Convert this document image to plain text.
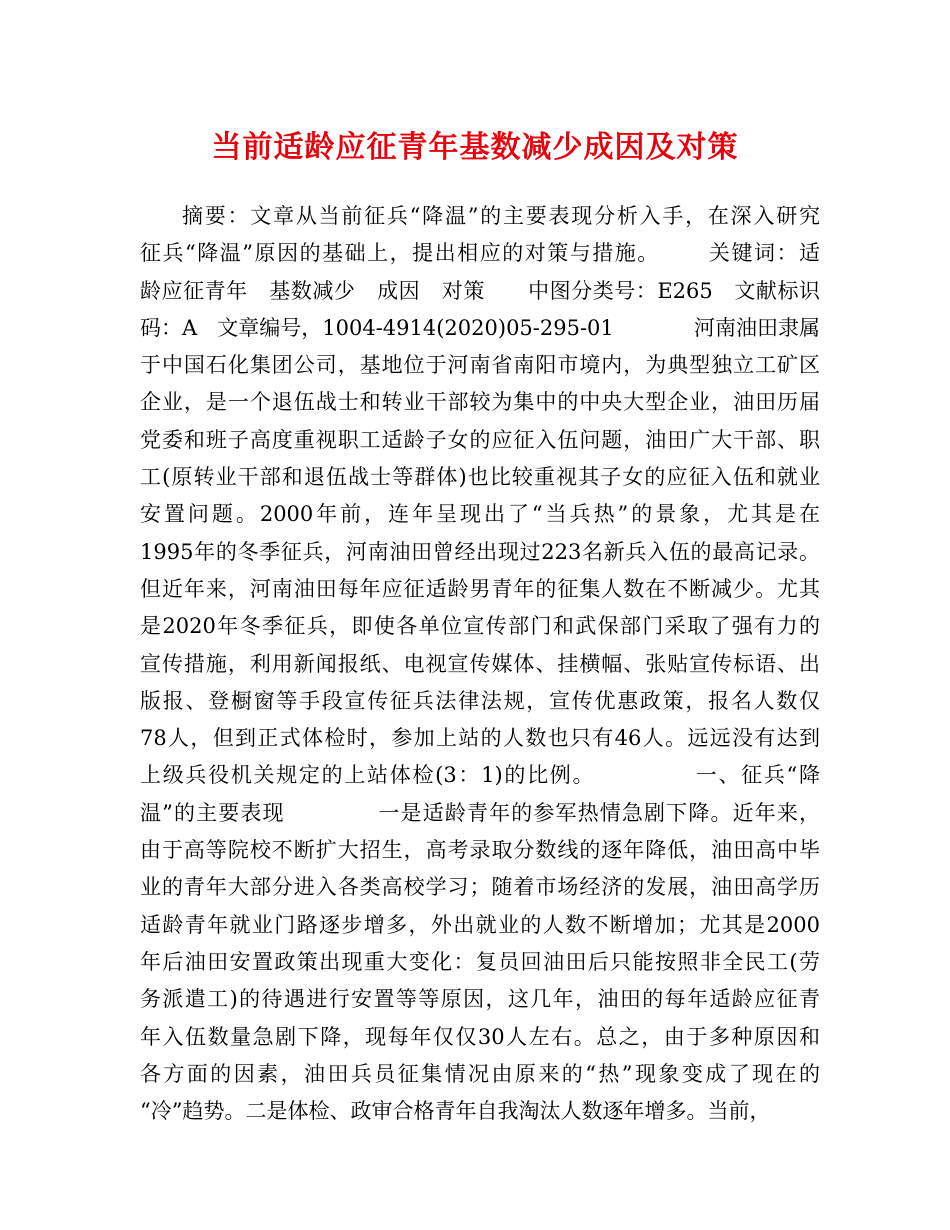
当前适龄应征青年基数减少成因及对策
摘要：文章从当前征兵“降温”的主要表现分析入手，在深入研究
征兵“降温”原因的基础上，提出相应的对策与措施。      关键词：适
龄应征青年   基数减少   成因   对策      中图分类号：E265   文献标识
码：A   文章编号，1004-4914(2020)05-295-01            河南油田隶属
于中国石化集团公司，基地位于河南省南阳市境内，为典型独立工矿区
企业，是一个退伍战士和转业干部较为集中的中央大型企业，油田历届
党委和班子高度重视职工适龄子女的应征入伍问题，油田广大干部、职
工(原转业干部和退伍战士等群体)也比较重视其子女的应征入伍和就业
安置问题。2000年前，连年呈现出了“当兵热”的景象，尤其是在
1995年的冬季征兵，河南油田曾经出现过223名新兵入伍的最高记录。
但近年来，河南油田每年应征适龄男青年的征集人数在不断减少。尤其
是2020年冬季征兵，即使各单位宣传部门和武保部门采取了强有力的
宣传措施，利用新闻报纸、电视宣传媒体、挂横幅、张贴宣传标语、出
版报、登橱窗等手段宣传征兵法律法规，宣传优惠政策，报名人数仅
78人，但到正式体检时，参加上站的人数也只有46人。远远没有达到
上级兵役机关规定的上站体检(3：1)的比例。            一、征兵“降
温”的主要表现            一是适龄青年的参军热情急剧下降。近年来，
由于高等院校不断扩大招生，高考录取分数线的逐年降低，油田高中毕
业的青年大部分进入各类高校学习；随着市场经济的发展，油田高学历
适龄青年就业门路逐步增多，外出就业的人数不断增加；尤其是2000
年后油田安置政策出现重大变化：复员回油田后只能按照非全民工(劳
务派遣工)的待遇进行安置等等原因，这几年，油田的每年适龄应征青
年入伍数量急剧下降，现每年仅仅30人左右。总之，由于多种原因和
各方面的因素，油田兵员征集情况由原来的“热”现象变成了现在的
“冷”趋势。二是体检、政审合格青年自我淘汰人数逐年增多。当前，
